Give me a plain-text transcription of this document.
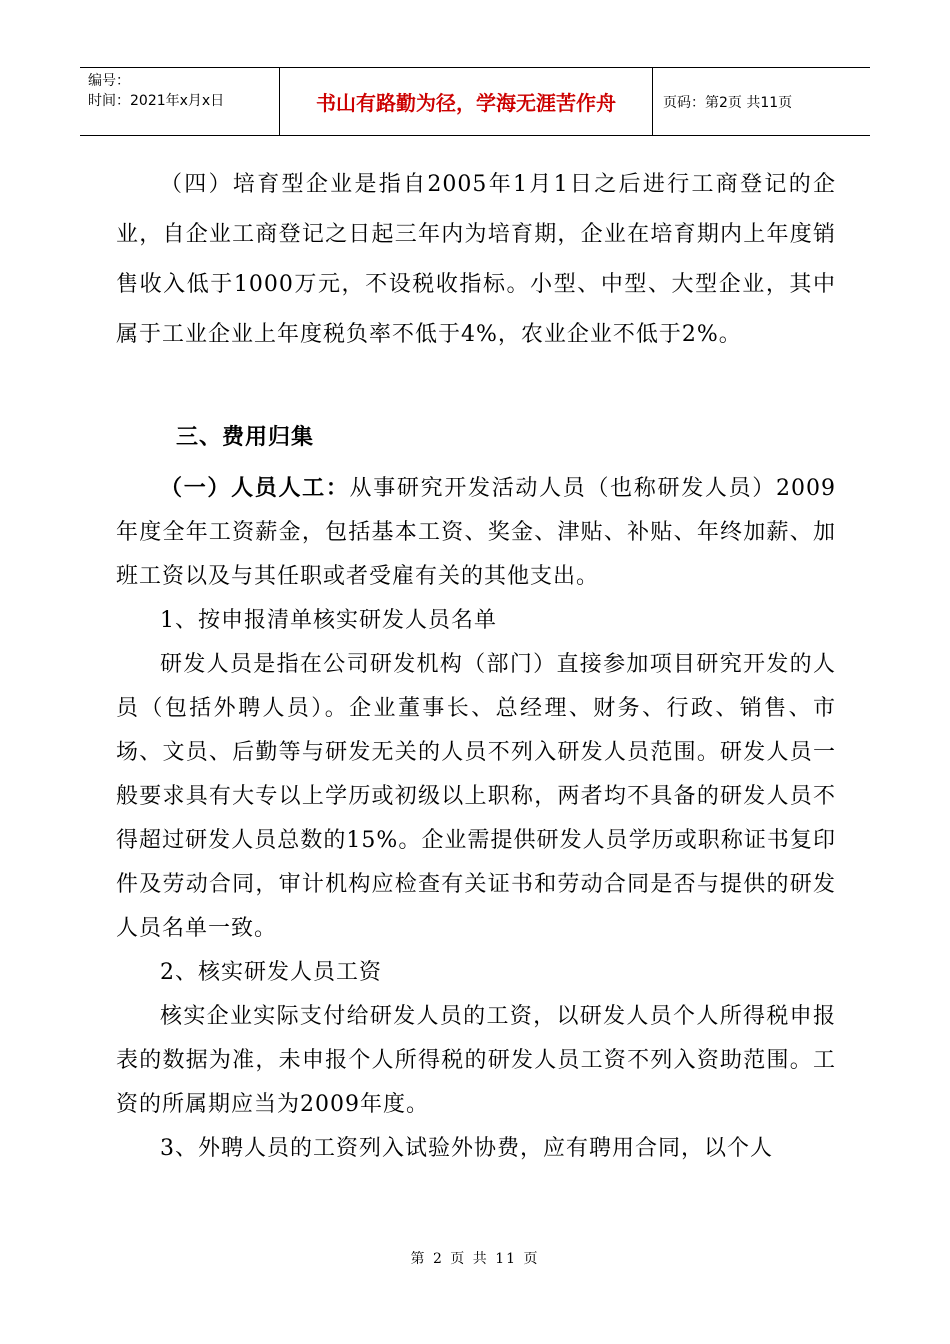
编号：
时间：2021年x月x日	书山有路勤为径，学海无涯苦作舟	页码：第2页 共11页

（四）培育型企业是指自2005年1月1日之后进行工商登记的企业，自企业工商登记之日起三年内为培育期，企业在培育期内上年度销售收入低于1000万元，不设税收指标。小型、中型、大型企业，其中属于工业企业上年度税负率不低于4%，农业企业不低于2%。

三、费用归集

（一）人员人工：从事研究开发活动人员（也称研发人员）2009年度全年工资薪金，包括基本工资、奖金、津贴、补贴、年终加薪、加班工资以及与其任职或者受雇有关的其他支出。

1、按申报清单核实研发人员名单

研发人员是指在公司研发机构（部门）直接参加项目研究开发的人员（包括外聘人员）。企业董事长、总经理、财务、行政、销售、市场、文员、后勤等与研发无关的人员不列入研发人员范围。研发人员一般要求具有大专以上学历或初级以上职称，两者均不具备的研发人员不得超过研发人员总数的15%。企业需提供研发人员学历或职称证书复印件及劳动合同，审计机构应检查有关证书和劳动合同是否与提供的研发人员名单一致。

2、核实研发人员工资

核实企业实际支付给研发人员的工资，以研发人员个人所得税申报表的数据为准，未申报个人所得税的研发人员工资不列入资助范围。工资的所属期应当为2009年度。

3、外聘人员的工资列入试验外协费，应有聘用合同，以个人

第 2 页 共 11 页
